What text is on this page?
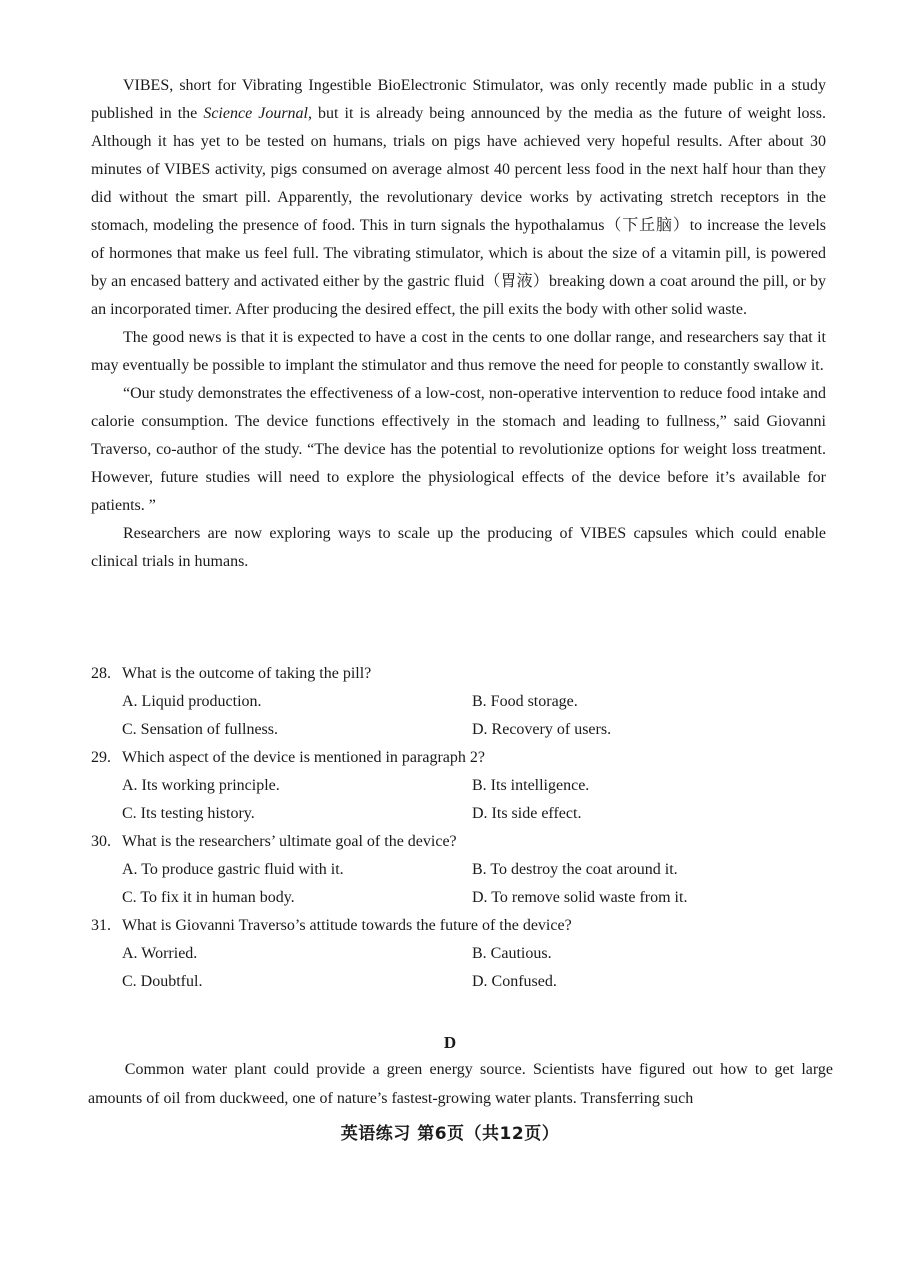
VIBES, short for Vibrating Ingestible BioElectronic Stimulator, was only recently made public in a study published in the Science Journal, but it is already being announced by the media as the future of weight loss. Although it has yet to be tested on humans, trials on pigs have achieved very hopeful results. After about 30 minutes of VIBES activity, pigs consumed on average almost 40 percent less food in the next half hour than they did without the smart pill. Apparently, the revolutionary device works by activating stretch receptors in the stomach, modeling the presence of food. This in turn signals the hypothalamus（下丘脑）to increase the levels of hormones that make us feel full. The vibrating stimulator, which is about the size of a vitamin pill, is powered by an encased battery and activated either by the gastric fluid（胃液）breaking down a coat around the pill, or by an incorporated timer. After producing the desired effect, the pill exits the body with other solid waste.

The good news is that it is expected to have a cost in the cents to one dollar range, and researchers say that it may eventually be possible to implant the stimulator and thus remove the need for people to constantly swallow it.

“Our study demonstrates the effectiveness of a low-cost, non-operative intervention to reduce food intake and calorie consumption. The device functions effectively in the stomach and leading to fullness,” said Giovanni Traverso, co-author of the study. “The device has the potential to revolutionize options for weight loss treatment. However, future studies will need to explore the physiological effects of the device before it’s available for patients. ”

Researchers are now exploring ways to scale up the producing of VIBES capsules which could enable clinical trials in humans.

28. What is the outcome of taking the pill?
A. Liquid production.	B. Food storage.
C. Sensation of fullness.	D. Recovery of users.
29. Which aspect of the device is mentioned in paragraph 2?
A. Its working principle.	B. Its intelligence.
C. Its testing history.	D. Its side effect.
30. What is the researchers’ ultimate goal of the device?
A. To produce gastric fluid with it.	B. To destroy the coat around it.
C. To fix it in human body.	D. To remove solid waste from it.
31. What is Giovanni Traverso’s attitude towards the future of the device?
A. Worried.	B. Cautious.
C. Doubtful.	D. Confused.
D

Common water plant could provide a green energy source. Scientists have figured out how to get large amounts of oil from duckweed, one of nature’s fastest-growing water plants. Transferring such

英语练习 第6页（共12页）
